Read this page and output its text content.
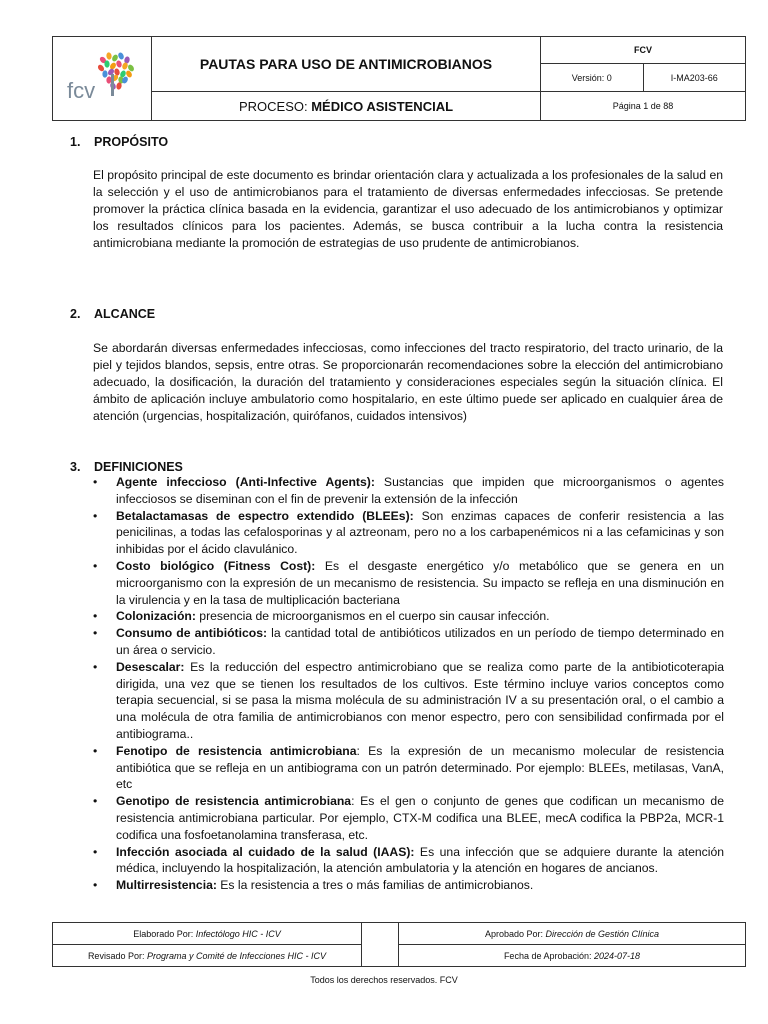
fcv
	PAUTAS PARA USO DE ANTIMICROBIANOS	
FCV
Versión: 0	I-MA203-66

PROCESO: MÉDICO ASISTENCIAL	Página 1 de 88
1. PROPÓSITO
El propósito principal de este documento es brindar orientación clara y actualizada a los profesionales de la salud en la selección y el uso de antimicrobianos para el tratamiento de diversas enfermedades infecciosas. Se pretende promover la práctica clínica basada en la evidencia, garantizar el uso adecuado de los antimicrobianos y optimizar los resultados clínicos para los pacientes. Además, se busca contribuir a la lucha contra la resistencia antimicrobiana mediante la promoción de estrategias de uso prudente de antimicrobianos.
2. ALCANCE
Se abordarán diversas enfermedades infecciosas, como infecciones del tracto respiratorio, del tracto urinario, de la piel y tejidos blandos, sepsis, entre otras. Se proporcionarán recomendaciones sobre la elección del antimicrobiano adecuado, la dosificación, la duración del tratamiento y consideraciones especiales según la situación clínica. El ámbito de aplicación incluye ambulatorio como hospitalario, en este último puede ser aplicado en cualquier área de atención (urgencias, hospitalización, quirófanos, cuidados intensivos)
3. DEFINICIONES
• Agente infeccioso (Anti-Infective Agents): Sustancias que impiden que microorganismos o agentes infecciosos se diseminan con el fin de prevenir la extensión de la infección
• Betalactamasas de espectro extendido (BLEEs): Son enzimas capaces de conferir resistencia a las penicilinas, a todas las cefalosporinas y al aztreonam, pero no a los carbapenémicos ni a las cefamicinas y son inhibidas por el ácido clavulánico.
• Costo biológico (Fitness Cost): Es el desgaste energético y/o metabólico que se genera en un microorganismo con la expresión de un mecanismo de resistencia. Su impacto se refleja en una disminución en la virulencia y en la tasa de multiplicación bacteriana
• Colonización: presencia de microorganismos en el cuerpo sin causar infección.
• Consumo de antibióticos: la cantidad total de antibióticos utilizados en un período de tiempo determinado en un área o servicio.
• Desescalar: Es la reducción del espectro antimicrobiano que se realiza como parte de la antibioticoterapia dirigida, una vez que se tienen los resultados de los cultivos. Este término incluye varios conceptos como terapia secuencial, si se pasa la misma molécula de su administración IV a su presentación oral, o el cambio a una molécula de otra familia de antimicrobianos con menor espectro, pero con sensibilidad confirmada por el antibiograma..
• Fenotipo de resistencia antimicrobiana: Es la expresión de un mecanismo molecular de resistencia antibiótica que se refleja en un antibiograma con un patrón determinado. Por ejemplo: BLEEs, metilasas, VanA, etc
• Genotipo de resistencia antimicrobiana: Es el gen o conjunto de genes que codifican un mecanismo de resistencia antimicrobiana particular. Por ejemplo, CTX-M codifica una BLEE, mecA codifica la PBP2a, MCR-1 codifica una fosfoetanolamina transferasa, etc.
• Infección asociada al cuidado de la salud (IAAS): Es una infección que se adquiere durante la atención médica, incluyendo la hospitalización, la atención ambulatoria y la atención en hogares de ancianos.
• Multirresistencia: Es la resistencia a tres o más familias de antimicrobianos.
Elaborado Por: Infectólogo HIC - ICV		Aprobado Por: Dirección de Gestión Clínica
Revisado Por: Programa y Comité de Infecciones HIC - ICV		Fecha de Aprobación: 2024-07-18
Todos los derechos reservados. FCV
